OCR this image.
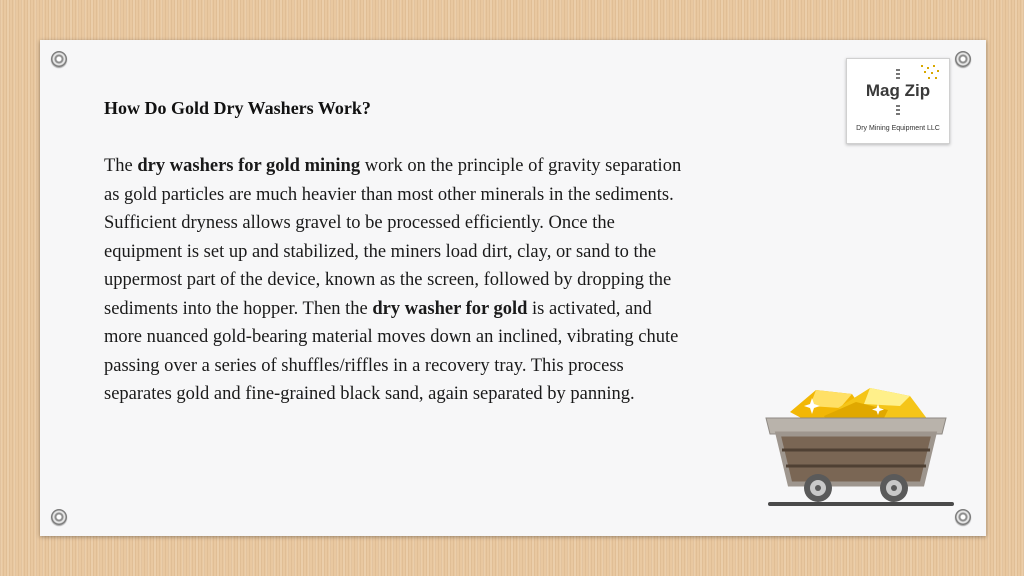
How Do Gold Dry Washers Work?

The dry washers for gold mining work on the principle of gravity separation
as gold particles are much heavier than most other minerals in the sediments.
Sufficient dryness allows gravel to be processed efficiently. Once the
equipment is set up and stabilized, the miners load dirt, clay, or sand to the
uppermost part of the device, known as the screen, followed by dropping the
sediments into the hopper. Then the dry washer for gold is activated, and
more nuanced gold-bearing material moves down an inclined, vibrating chute
passing over a series of shuffles/riffles in a recovery tray. This process
separates gold and fine-grained black sand, again separated by panning.

Mag Zip
Dry Mining Equipment LLC
